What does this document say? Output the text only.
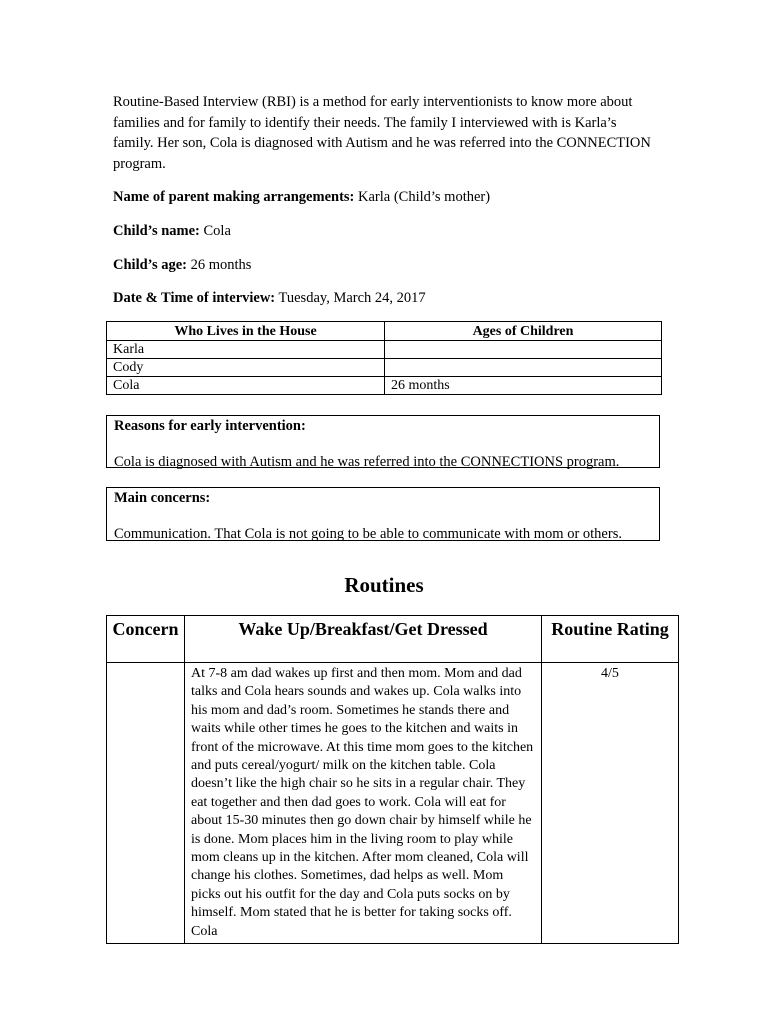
Routine-Based Interview (RBI) is a method for early interventionists to know more about families and for family to identify their needs. The family I interviewed with is Karla’s family. Her son, Cola is diagnosed with Autism and he was referred into the CONNECTION program.

Name of parent making arrangements: Karla (Child’s mother)

Child’s name: Cola

Child’s age: 26 months

Date & Time of interview: Tuesday, March 24, 2017

Who Lives in the House	Ages of Children
Karla	
Cody	
Cola	26 months

Reasons for early intervention:

Cola is diagnosed with Autism and he was referred into the CONNECTIONS program.

Main concerns:

Communication. That Cola is not going to be able to communicate with mom or others.

Routines
Concern	Wake Up/Breakfast/Get Dressed	Routine Rating

	At 7-8 am dad wakes up first and then mom. Mom and dad talks and Cola hears sounds and wakes up. Cola walks into his mom and dad’s room. Sometimes he stands there and waits while other times he goes to the kitchen and waits in front of the microwave. At this time mom goes to the kitchen and puts cereal/yogurt/ milk on the kitchen table. Cola doesn’t like the high chair so he sits in a regular chair. They eat together and then dad goes to work. Cola will eat for about 15-30 minutes then go down chair by himself while he is done. Mom places him in the living room to play while mom cleans up in the kitchen. After mom cleaned, Cola will change his clothes. Sometimes, dad helps as well. Mom picks out his outfit for the day and Cola puts socks on by himself. Mom stated that he is better for taking socks off. Cola	4/5
